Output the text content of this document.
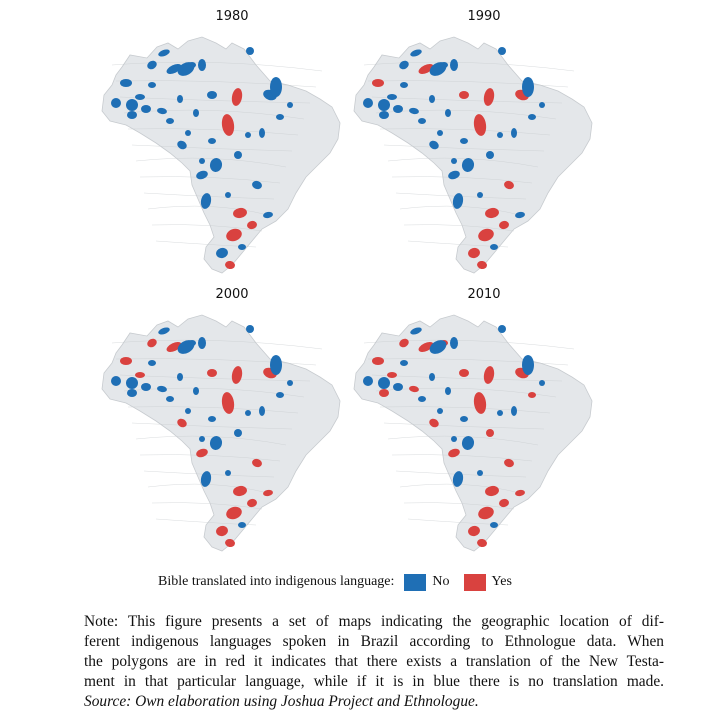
1980	1990
2000	2010
Bible translated into indigenous language:	No	Yes
Note: This figure presents a set of maps indicating the geographic location of dif-
ferent indigenous languages spoken in Brazil according to Ethnologue data. When
the polygons are in red it indicates that there exists a translation of the New Testa-
ment in that particular language, while if it is in blue there is no translation made.
Source: Own elaboration using Joshua Project and Ethnologue.
